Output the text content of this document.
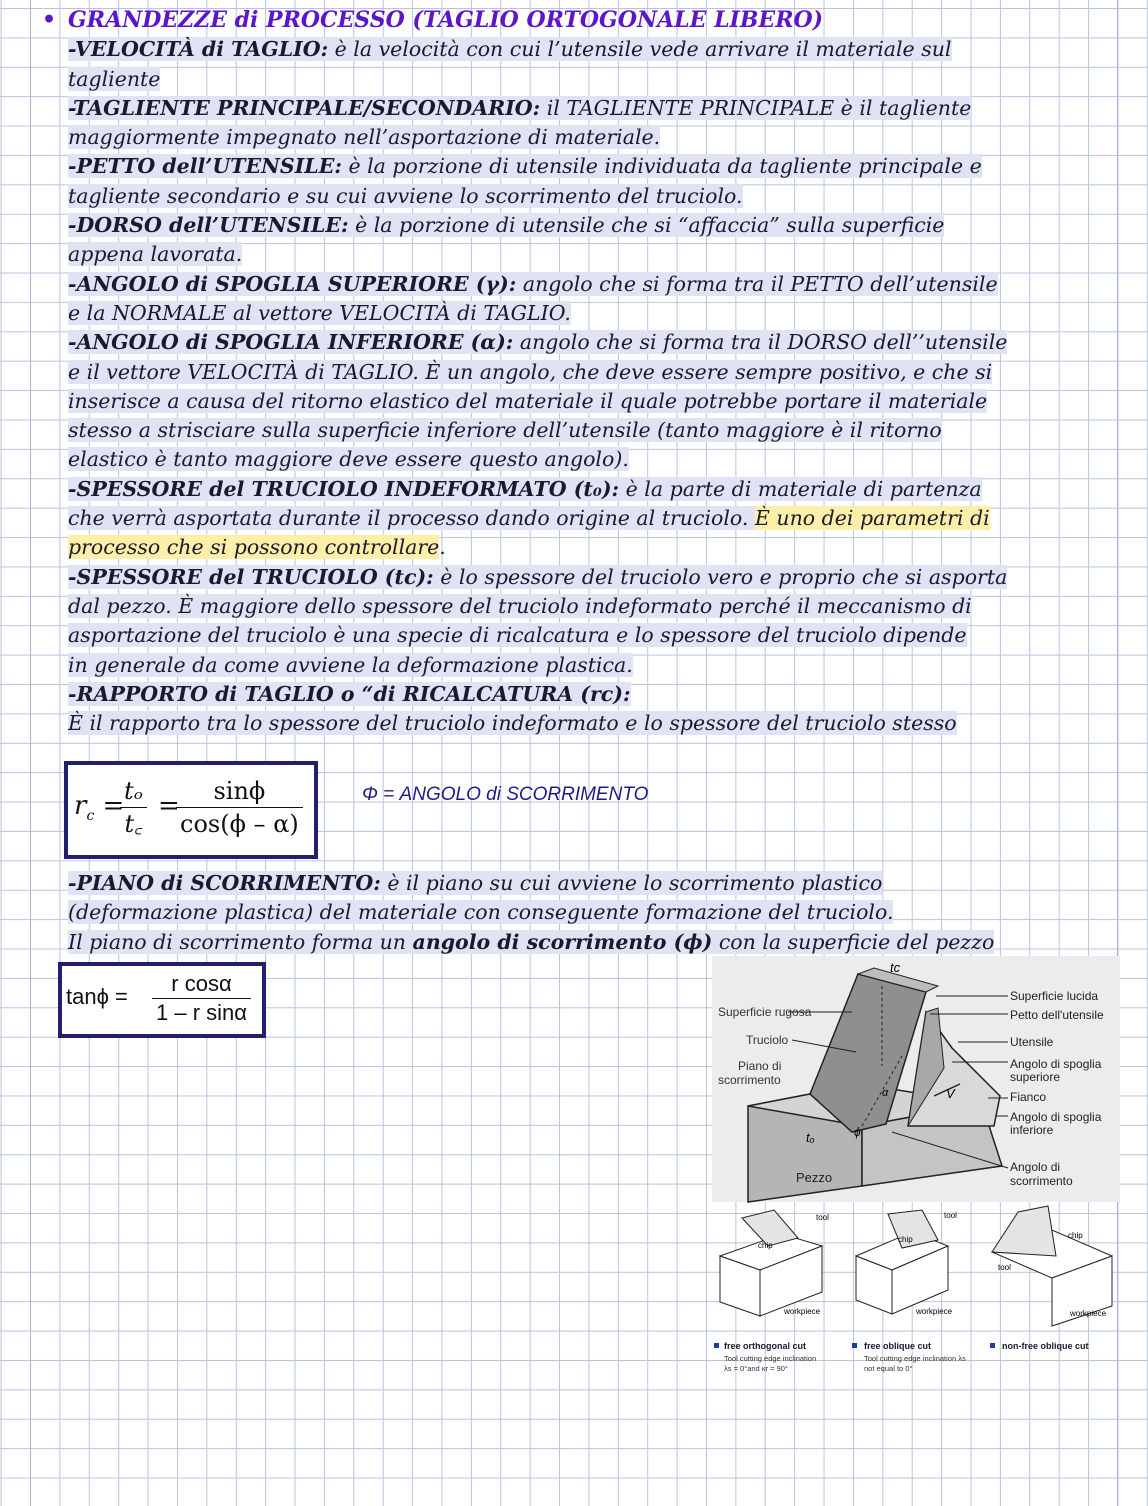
• GRANDEZZE di PROCESSO (TAGLIO ORTOGONALE LIBERO)
-VELOCITÀ di TAGLIO: è la velocità con cui l’utensile vede arrivare il materiale sul
tagliente
-TAGLIENTE PRINCIPALE/SECONDARIO: il TAGLIENTE PRINCIPALE è il tagliente
maggiormente impegnato nell’asportazione di materiale.
-PETTO dell’UTENSILE: è la porzione di utensile individuata da tagliente principale e
tagliente secondario e su cui avviene lo scorrimento del truciolo.
-DORSO dell’UTENSILE: è la porzione di utensile che si “affaccia” sulla superficie
appena lavorata.
-ANGOLO di SPOGLIA SUPERIORE (γ): angolo che si forma tra il PETTO dell’utensile
e la NORMALE al vettore VELOCITÀ di TAGLIO.
-ANGOLO di SPOGLIA INFERIORE (α): angolo che si forma tra il DORSO dell’’utensile
e il vettore VELOCITÀ di TAGLIO. È un angolo, che deve essere sempre positivo, e che si
inserisce a causa del ritorno elastico del materiale il quale potrebbe portare il materiale
stesso a strisciare sulla superficie inferiore dell’utensile (tanto maggiore è il ritorno
elastico è tanto maggiore deve essere questo angolo).
-SPESSORE del TRUCIOLO INDEFORMATO (t₀): è la parte di materiale di partenza
che verrà asportata durante il processo dando origine al truciolo. È uno dei parametri di
processo che si possono controllare.
-SPESSORE del TRUCIOLO (tc): è lo spessore del truciolo vero e proprio che si asporta
dal pezzo. È maggiore dello spessore del truciolo indeformato perché il meccanismo di
asportazione del truciolo è una specie di ricalcatura e lo spessore del truciolo dipende
in generale da come avviene la deformazione plastica.
-RAPPORTO di TAGLIO o “di RICALCATURA (rc):
È il rapporto tra lo spessore del truciolo indeformato e lo spessore del truciolo stesso
$r_c$ =
$\frac{\text{tₒ}}{t꜀}$ =
$\frac{\sin\phi}{\cos(\phi - \alpha)}$	Φ = ANGOLO di SCORRIMENTO
-PIANO di SCORRIMENTO: è il piano su cui avviene lo scorrimento plastico
(deformazione plastica) del materiale con conseguente formazione del truciolo.
Il piano di scorrimento forma un angolo di scorrimento (ϕ) con la superficie del pezzo
$\tan\phi = \frac{\text{r cosα}}{\text{1 – r sinα}}$
tc
tₒ	ϕ
α	V
Superficie rugosa
Truciolo
Piano di
scorrimento
Pezzo
Superficie lucida
Petto dell'utensile
Utensile
Angolo di spoglia
superiore
Fianco
Angolo di spoglia
inferiore
Angolo di
scorrimento
tool
chip
workpiece
tool
chip
workpiece
chip
tool
workpiece
free orthogonal cut
Tool cutting edge inclination
λs = 0°and κr = 90°
free oblique cut
Tool cutting edge inclination λs
not equal to 0°
non-free oblique cut
